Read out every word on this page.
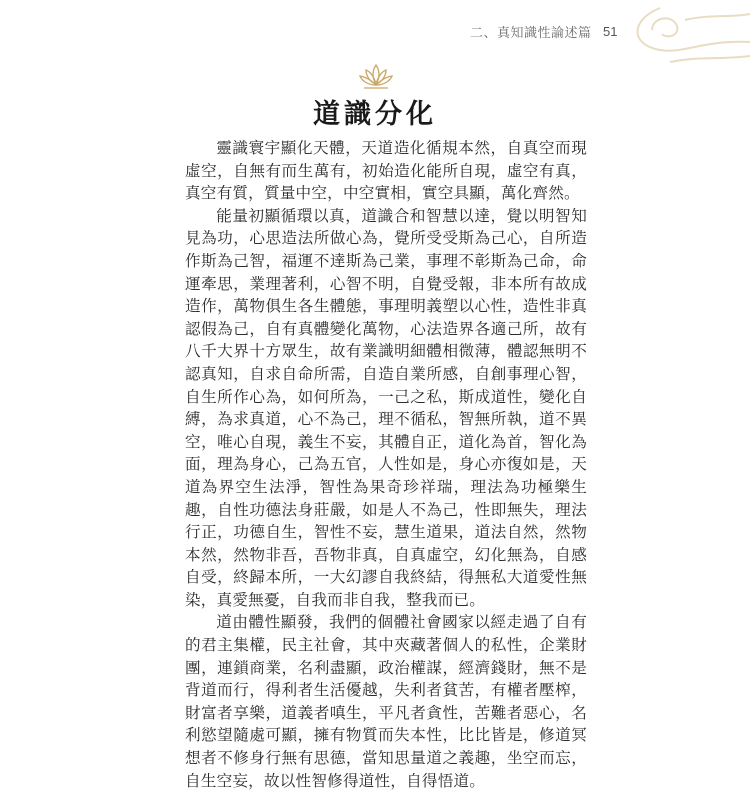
二、真知識性論述篇 51
道識分化

靈識寰宇顯化天體，天道造化循規本然，自真空而現虛空，自無有而生萬有，初始造化能所自現，虛空有真，真空有質，質量中空，中空實相，實空具顯，萬化齊然。

能量初顯循環以真，道識合和智慧以達，覺以明智知見為功，心思造法所做心為，覺所受受斯為己心，自所造作斯為己智，福運不達斯為己業，事理不彰斯為己命，命運牽思，業理著利，心智不明，自覺受報，非本所有故成造作，萬物俱生各生體態，事理明義塑以心性，造性非真認假為己，自有真體變化萬物，心法造界各適己所，故有八千大界十方眾生，故有業識明細體相微薄，體認無明不認真知，自求自命所需，自造自業所感，自創事理心智，自生所作心為，如何所為，一己之私，斯成道性，變化自縛，為求真道，心不為己，理不循私，智無所執，道不異空，唯心自現，義生不妄，其體自正，道化為首，智化為面，理為身心，己為五官，人性如是，身心亦復如是，天道為界空生法淨，智性為果奇珍祥瑞，理法為功極樂生趣，自性功德法身莊嚴，如是人不為己，性即無失，理法行正，功德自生，智性不妄，慧生道果，道法自然，然物本然，然物非吾，吾物非真，自真虛空，幻化無為，自感自受，終歸本所，一大幻謬自我終結，得無私大道愛性無染，真愛無憂，自我而非自我，整我而已。

道由體性顯發，我們的個體社會國家以經走過了自有的君主集權，民主社會，其中夾藏著個人的私性，企業財團，連鎖商業，名利盡顯，政治權謀，經濟錢財，無不是背道而行，得利者生活優越，失利者貧苦，有權者壓榨，財富者享樂，道義者嗔生，平凡者貪性，苦難者惡心，名利慾望隨處可顯，擁有物質而失本性，比比皆是，修道冥想者不修身行無有思德，當知思量道之義趣，坐空而忘，自生空妄，故以性智修得道性，自得悟道。
